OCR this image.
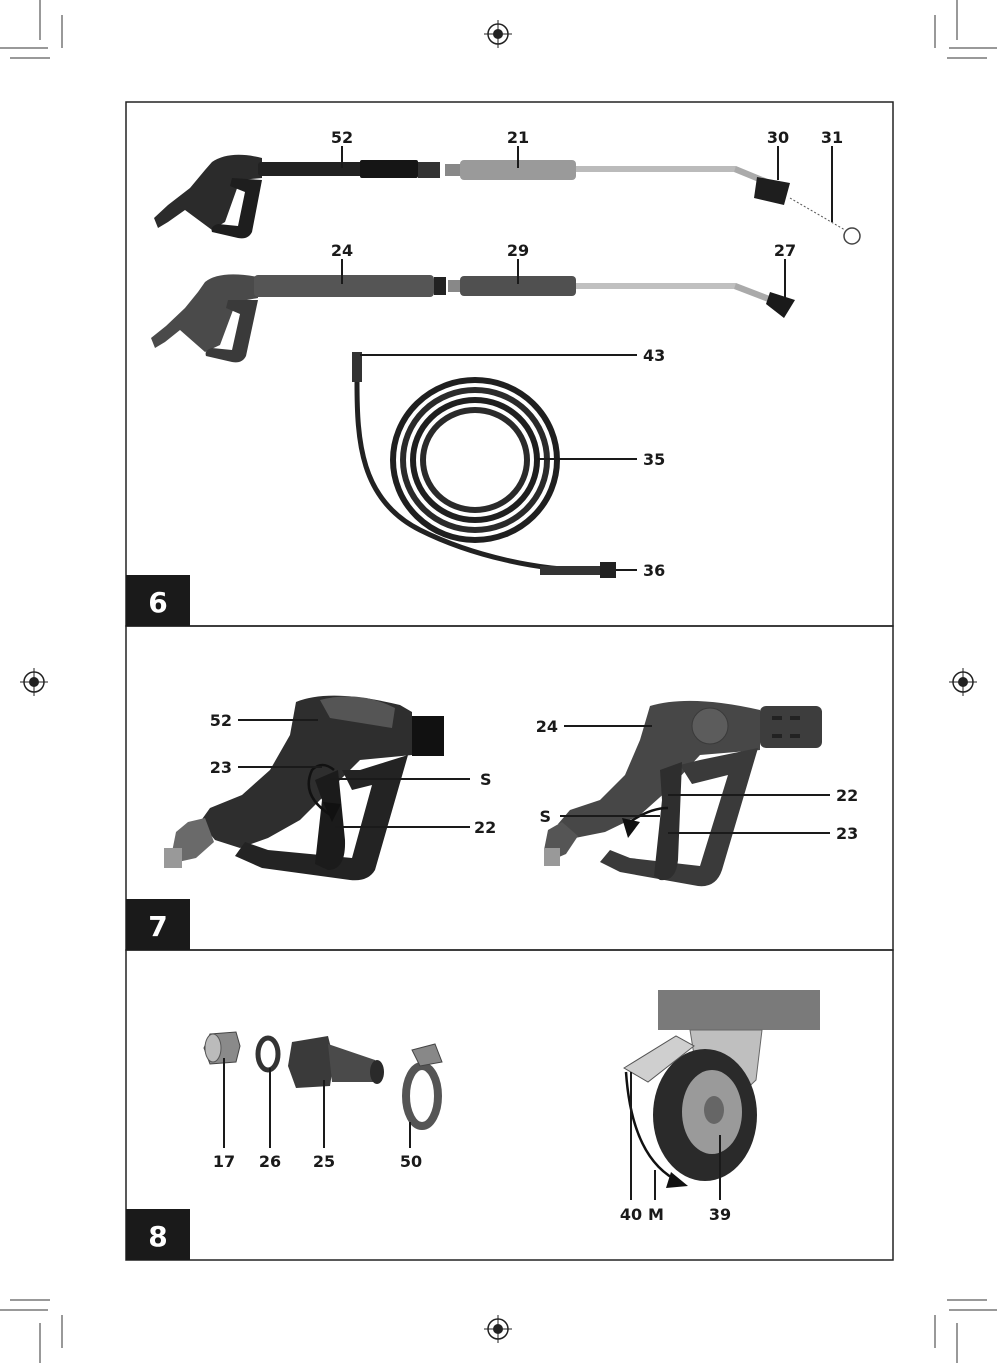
52	21	30 31
24	29	27
43
35
36
6
52
23
S
22
24
22
S
23
7
17 26 25	50
40 M	39
8
